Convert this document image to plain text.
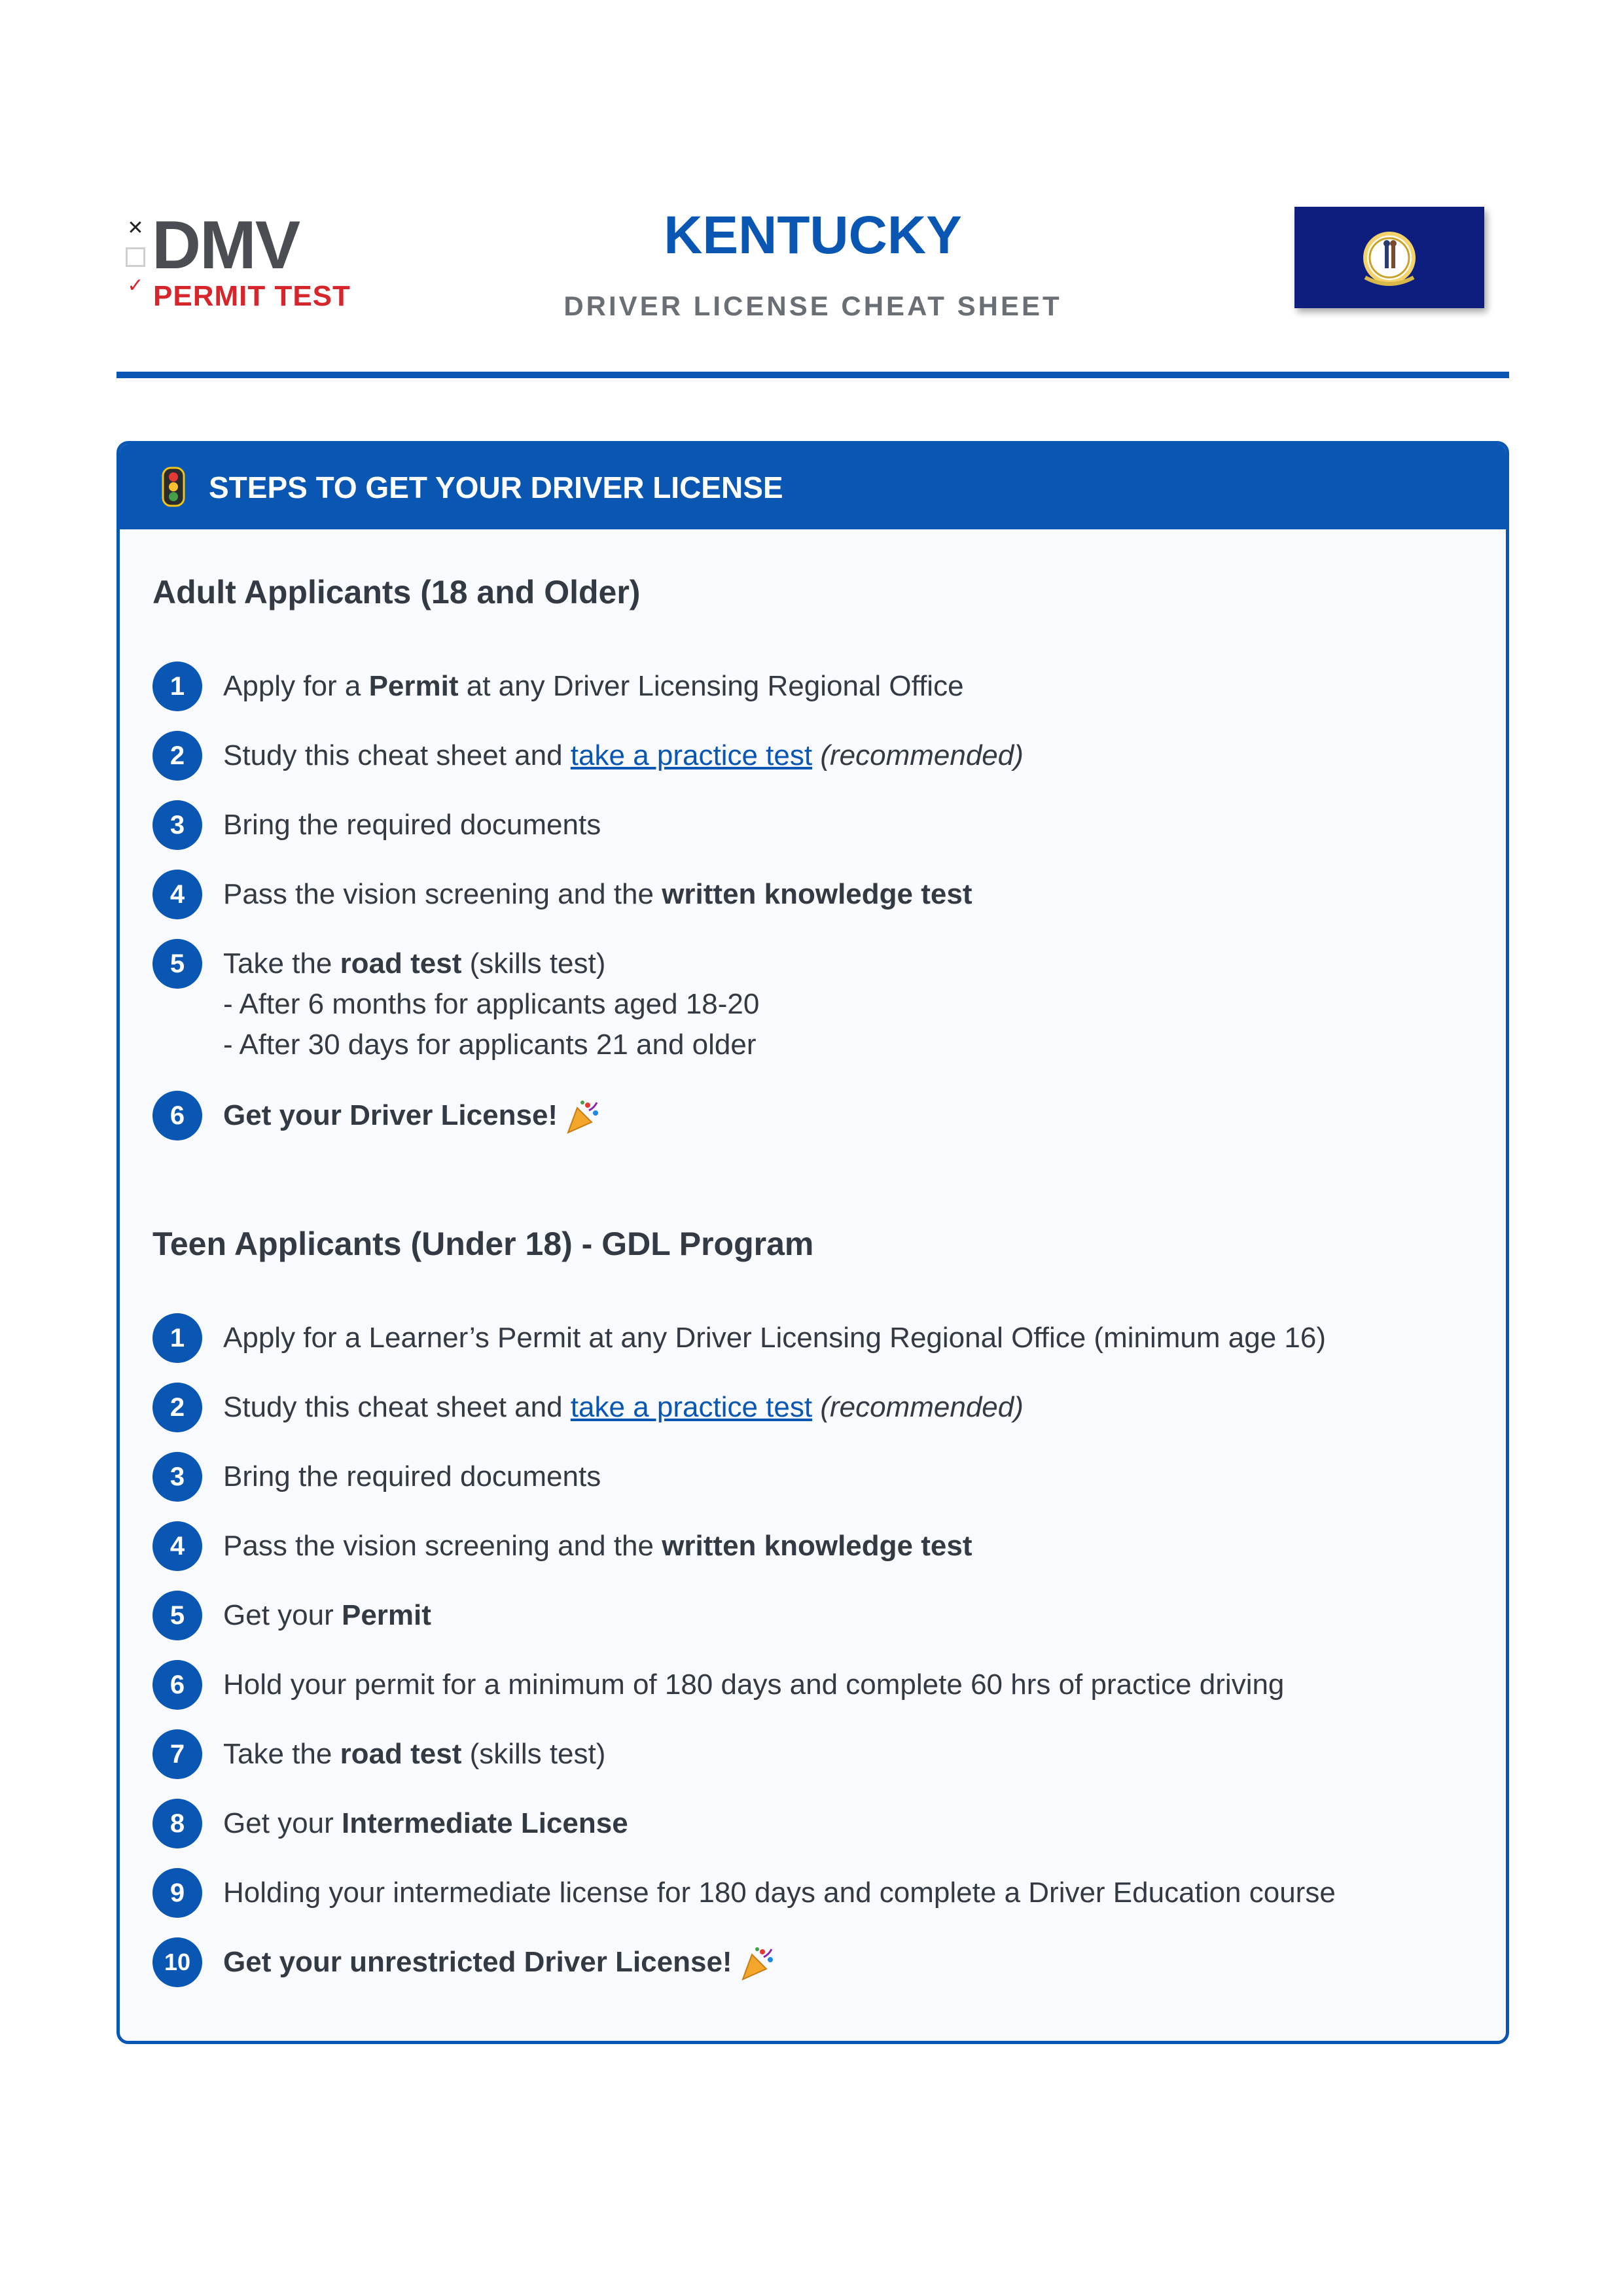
✕
✓
DMV
PERMIT TEST
KENTUCKY
DRIVER LICENSE CHEAT SHEET
STEPS TO GET YOUR DRIVER LICENSE
Adult Applicants (18 and Older)
1	Apply for a Permit at any Driver Licensing Regional Office
2	Study this cheat sheet and take a practice test (recommended)
3	Bring the required documents
4	Pass the vision screening and the written knowledge test
5	Take the road test (skills test)
- After 6 months for applicants aged 18-20
- After 30 days for applicants 21 and older
6	Get your Driver License!
Teen Applicants (Under 18) - GDL Program
1	Apply for a Learner’s Permit at any Driver Licensing Regional Office (minimum age 16)
2	Study this cheat sheet and take a practice test (recommended)
3	Bring the required documents
4	Pass the vision screening and the written knowledge test
5	Get your Permit
6	Hold your permit for a minimum of 180 days and complete 60 hrs of practice driving
7	Take the road test (skills test)
8	Get your Intermediate License
9	Holding your intermediate license for 180 days and complete a Driver Education course
10	Get your unrestricted Driver License!
